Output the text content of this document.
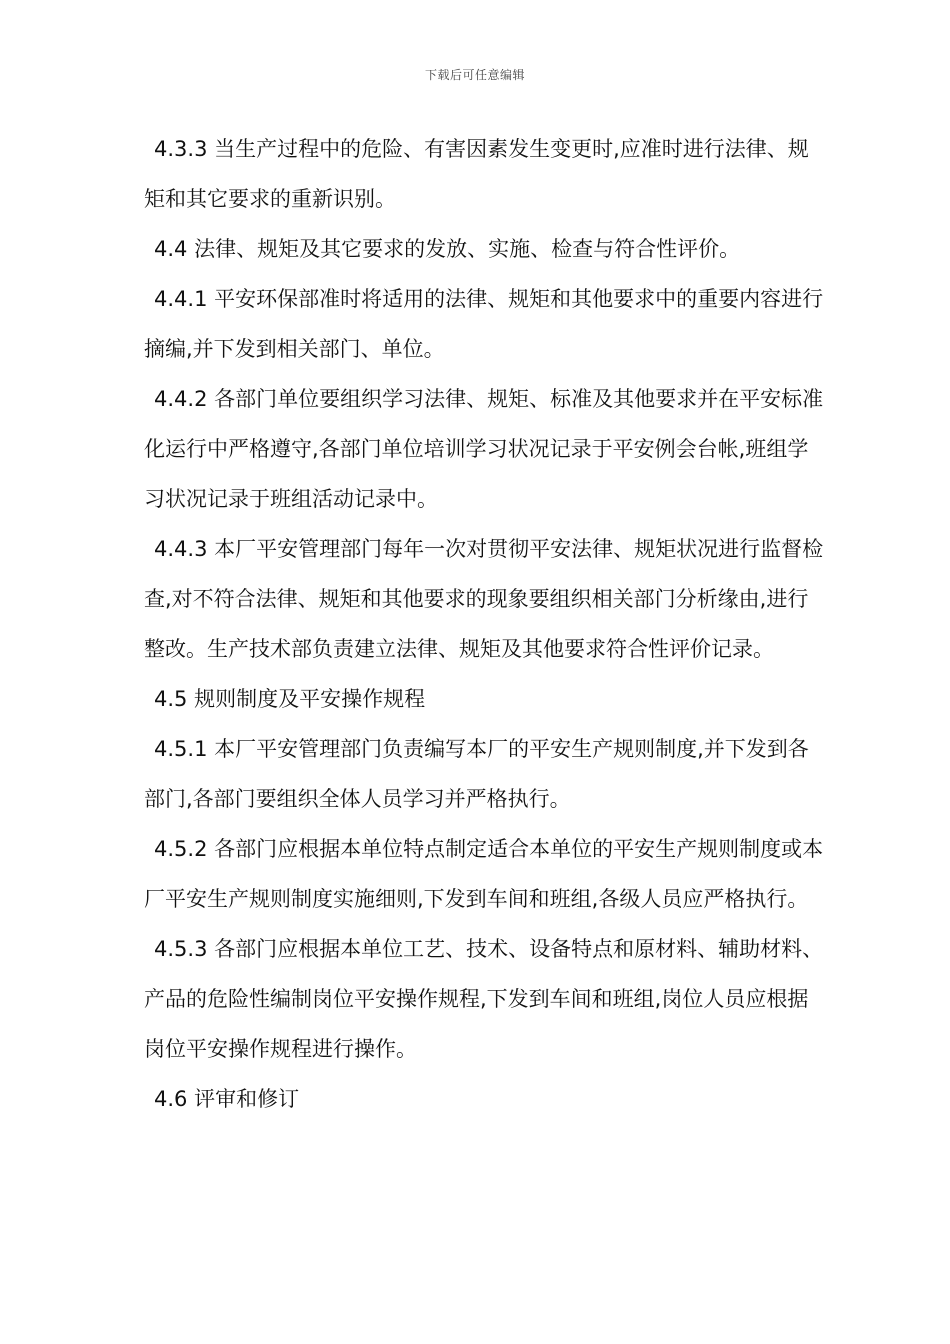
下载后可任意编辑

4.3.3 当生产过程中的危险、有害因素发生变更时,应准时进行法律、规矩和其它要求的重新识别。

4.4 法律、规矩及其它要求的发放、实施、检查与符合性评价。

4.4.1 平安环保部准时将适用的法律、规矩和其他要求中的重要内容进行摘编,并下发到相关部门、单位。

4.4.2 各部门单位要组织学习法律、规矩、标准及其他要求并在平安标准化运行中严格遵守,各部门单位培训学习状况记录于平安例会台帐,班组学习状况记录于班组活动记录中。

4.4.3 本厂平安管理部门每年一次对贯彻平安法律、规矩状况进行监督检查,对不符合法律、规矩和其他要求的现象要组织相关部门分析缘由,进行整改。生产技术部负责建立法律、规矩及其他要求符合性评价记录。

4.5 规则制度及平安操作规程

4.5.1 本厂平安管理部门负责编写本厂的平安生产规则制度,并下发到各部门,各部门要组织全体人员学习并严格执行。

4.5.2 各部门应根据本单位特点制定适合本单位的平安生产规则制度或本厂平安生产规则制度实施细则,下发到车间和班组,各级人员应严格执行。

4.5.3 各部门应根据本单位工艺、技术、设备特点和原材料、辅助材料、产品的危险性编制岗位平安操作规程,下发到车间和班组,岗位人员应根据岗位平安操作规程进行操作。

4.6 评审和修订
